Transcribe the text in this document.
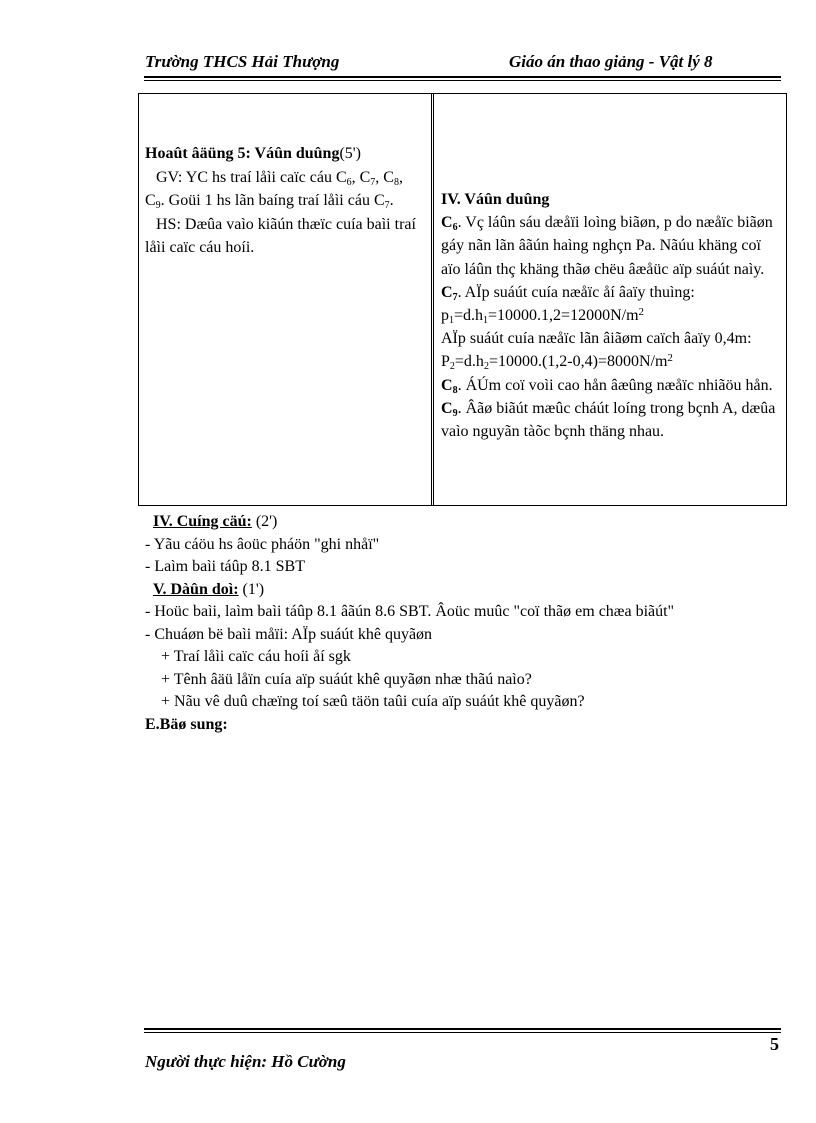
Trường THCS Hải Thượng	Giáo án thao giảng - Vật lý 8

Hoaût âäüng 5: Váûn duûng(5')

GV: YC hs traí låìi caïc cáu $C_6$, $C_7$, $C_8$, $C_9$. Goüi 1 hs lãn baíng traí låìi cáu $C_7$.

HS: Dæûa vaìo kiãún thæïc cuía baìi traí låìi caïc cáu hoíi.

IV. Váûn duûng

$C_6$. Vç láûn sáu dæåïi loìng biãøn, p do næåïc biãøn gáy nãn lãn âãún haìng nghçn Pa. Nãúu khäng coï aïo láûn thç khäng thãø chëu âæåüc aïp suáút naìy.

$C_7$. AÏp suáút cuía næåïc åí âaïy thuìng:

$p_1=d.h_1=10000.1,2=12000N/m^2$

AÏp suáút cuía næåïc lãn âiãøm caïch âaïy 0,4m:

$P_2=d.h_2=10000.(1,2-0,4)=8000N/m^2$

$C_8$. ÁÚm coï voìi cao hån âæûng næåïc nhiãöu hån.

$C_9$. Âãø biãút mæûc cháút loíng trong bçnh A, dæûa vaìo nguyãn tàõc bçnh thäng nhau.

IV. Cuíng cäú: (2')

- Yãu cáöu hs âoüc pháön "ghi nhåï"

- Laìm baìi táûp 8.1 SBT

V. Dàûn doì: (1')

- Hoüc baìi, laìm baìi táûp 8.1 âãún 8.6 SBT. Âoüc muûc "coï thãø em chæa biãút"

- Chuáøn bë baìi måïi: AÏp suáút khê quyãøn

+ Traí låìi caïc cáu hoíi åí sgk

+ Tênh âäü låïn cuía aïp suáút khê quyãøn nhæ thãú naìo?

+ Nãu vê duû chæïng toí sæû täön taûi cuía aïp suáút khê quyãøn?

E.Bäø sung:

5
Người thực hiện: Hồ Cường
